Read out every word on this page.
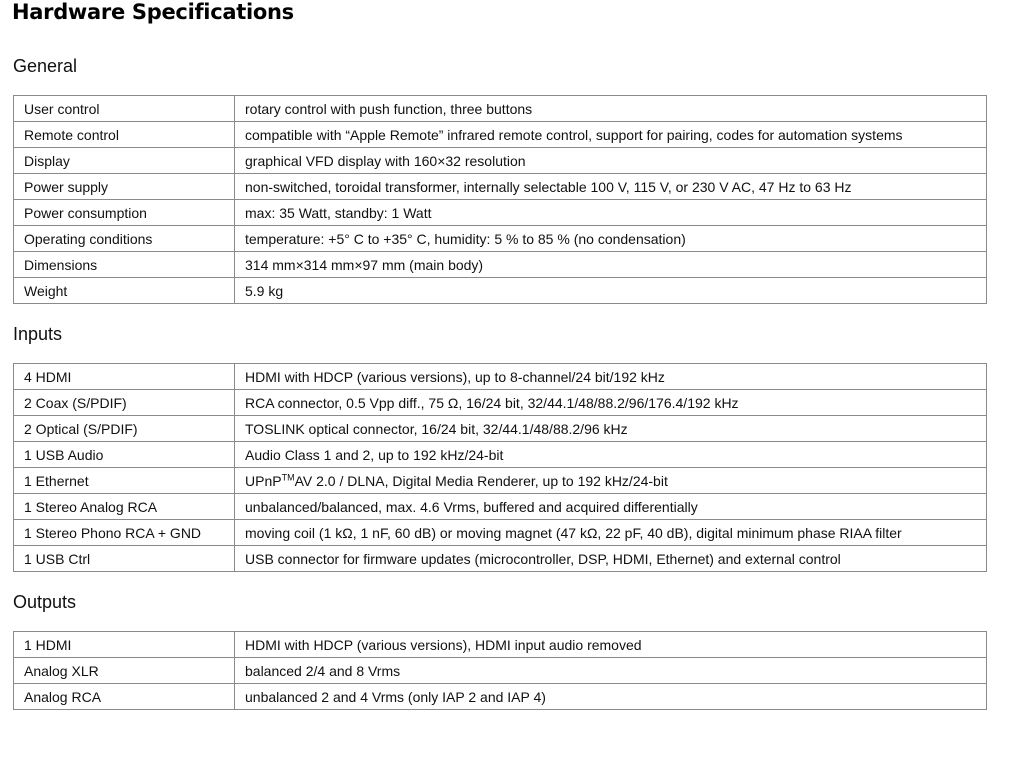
Hardware Specifications
General
User control	rotary control with push function, three buttons
Remote control	compatible with “Apple Remote” infrared remote control, support for pairing, codes for automation systems
Display	graphical VFD display with 160×32 resolution
Power supply	non-switched, toroidal transformer, internally selectable 100 V, 115 V, or 230 V AC, 47 Hz to 63 Hz
Power consumption	max: 35 Watt, standby: 1 Watt
Operating conditions	temperature: +5° C to +35° C, humidity: 5 % to 85 % (no condensation)
Dimensions	314 mm×314 mm×97 mm (main body)
Weight	5.9 kg
Inputs
4 HDMI	HDMI with HDCP (various versions), up to 8-channel/24 bit/192 kHz
2 Coax (S/PDIF)	RCA connector, 0.5 Vpp diff., 75 Ω, 16/24 bit, 32/44.1/48/88.2/96/176.4/192 kHz
2 Optical (S/PDIF)	TOSLINK optical connector, 16/24 bit, 32/44.1/48/88.2/96 kHz
1 USB Audio	Audio Class 1 and 2, up to 192 kHz/24-bit
1 Ethernet	UPnP™AV 2.0 / DLNA, Digital Media Renderer, up to 192 kHz/24-bit
1 Stereo Analog RCA	unbalanced/balanced, max. 4.6 Vrms, buffered and acquired differentially
1 Stereo Phono RCA + GND	moving coil (1 kΩ, 1 nF, 60 dB) or moving magnet (47 kΩ, 22 pF, 40 dB), digital minimum phase RIAA filter
1 USB Ctrl	USB connector for firmware updates (microcontroller, DSP, HDMI, Ethernet) and external control
Outputs
1 HDMI	HDMI with HDCP (various versions), HDMI input audio removed
Analog XLR	balanced 2/4 and 8 Vrms
Analog RCA	unbalanced 2 and 4 Vrms (only IAP 2 and IAP 4)
